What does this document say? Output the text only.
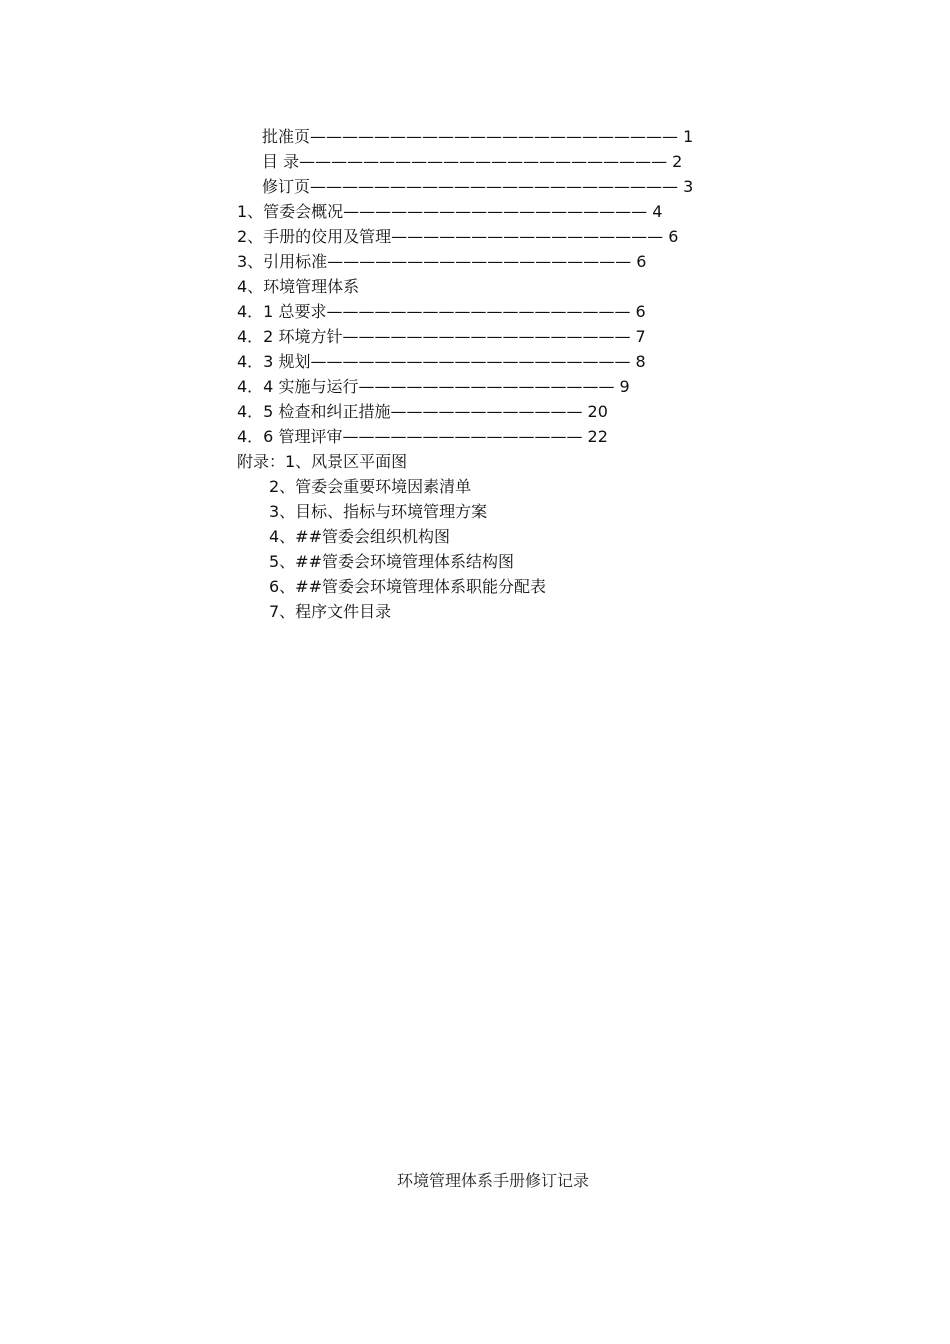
批准页——————————————————————— 1
目 录——————————————————————— 2
修订页——————————————————————— 3
1、管委会概况——————————————————— 4
2、手册的佼用及管理————————————————— 6
3、引用标准——————————————————— 6
4、环境管理体系
4．1 总要求——————————————————— 6
4．2 环境方针—————————————————— 7
4．3 规划———————————————————— 8
4．4 实施与运行———————————————— 9
4．5 检查和纠正措施———————————— 20
4．6 管理评审——————————————— 22
附录：1、风景区平面图
2、管委会重要环境因素清单
3、目标、指标与环境管理方案
4、##管委会组织机构图
5、##管委会环境管理体系结构图
6、##管委会环境管理体系职能分配表
7、程序文件目录
环境管理体系手册修订记录
